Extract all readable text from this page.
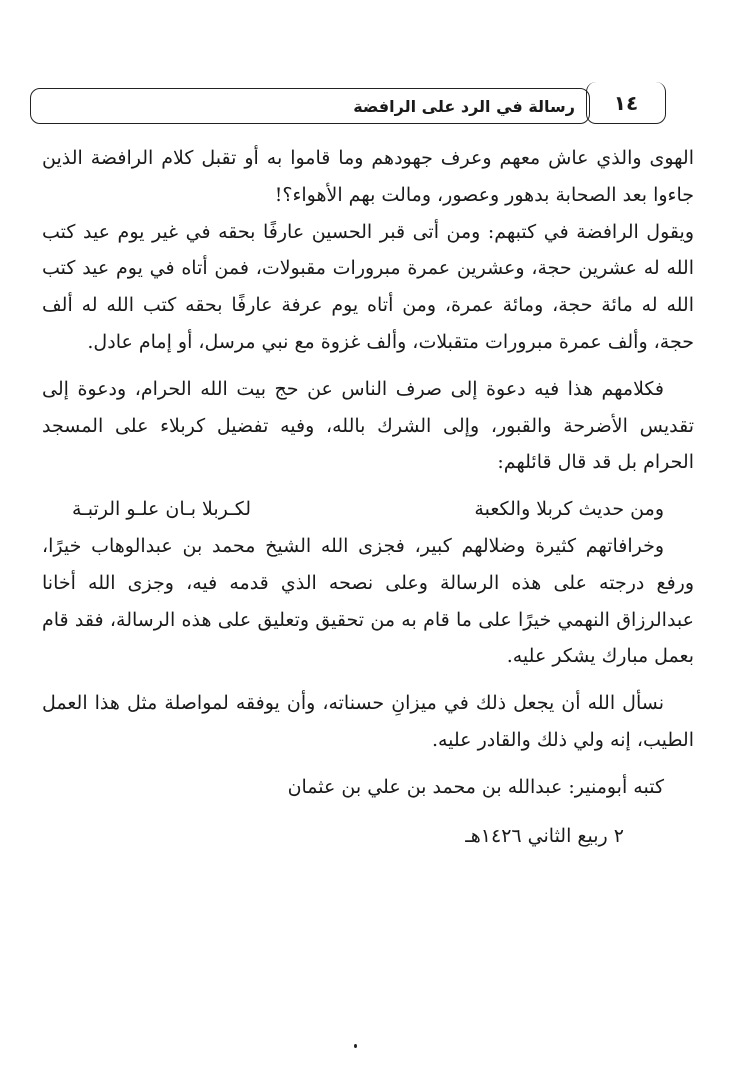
رسالة في الرد على الرافضة ١٤

الهوى والذي عاش معهم وعرف جهودهم وما قاموا به أو تقبل كلام الرافضة الذين جاءوا بعد الصحابة بدهور وعصور، ومالت بهم الأهواء؟!

ويقول الرافضة في كتبهم: ومن أتى قبر الحسين عارفًا بحقه في غير يوم عيد كتب الله له عشرين حجة، وعشرين عمرة مبرورات مقبولات، فمن أتاه في يوم عيد كتب الله له مائة حجة، ومائة عمرة، ومن أتاه يوم عرفة عارفًا بحقه كتب الله له ألف حجة، وألف عمرة مبرورات متقبلات، وألف غزوة مع نبي مرسل، أو إمام عادل.

فكلامهم هذا فيه دعوة إلى صرف الناس عن حج بيت الله الحرام، ودعوة إلى تقديس الأضرحة والقبور، وإلى الشرك بالله، وفيه تفضيل كربلاء على المسجد الحرام بل قد قال قائلهم:

ومن حديث كربلا والكعبة
لكـربلا بـان علـو الرتبـة

وخرافاتهم كثيرة وضلالهم كبير، فجزى الله الشيخ محمد بن عبدالوهاب خيرًا، ورفع درجته على هذه الرسالة وعلى نصحه الذي قدمه فيه، وجزى الله أخانا عبدالرزاق النهمي خيرًا على ما قام به من تحقيق وتعليق على هذه الرسالة، فقد قام بعمل مبارك يشكر عليه.

نسأل الله أن يجعل ذلك في ميزانِ حسناته، وأن يوفقه لمواصلة مثل هذا العمل الطيب، إنه ولي ذلك والقادر عليه.

كتبه أبومنير: عبدالله بن محمد بن علي بن عثمان

٢ ربيع الثاني ١٤٢٦هـ
